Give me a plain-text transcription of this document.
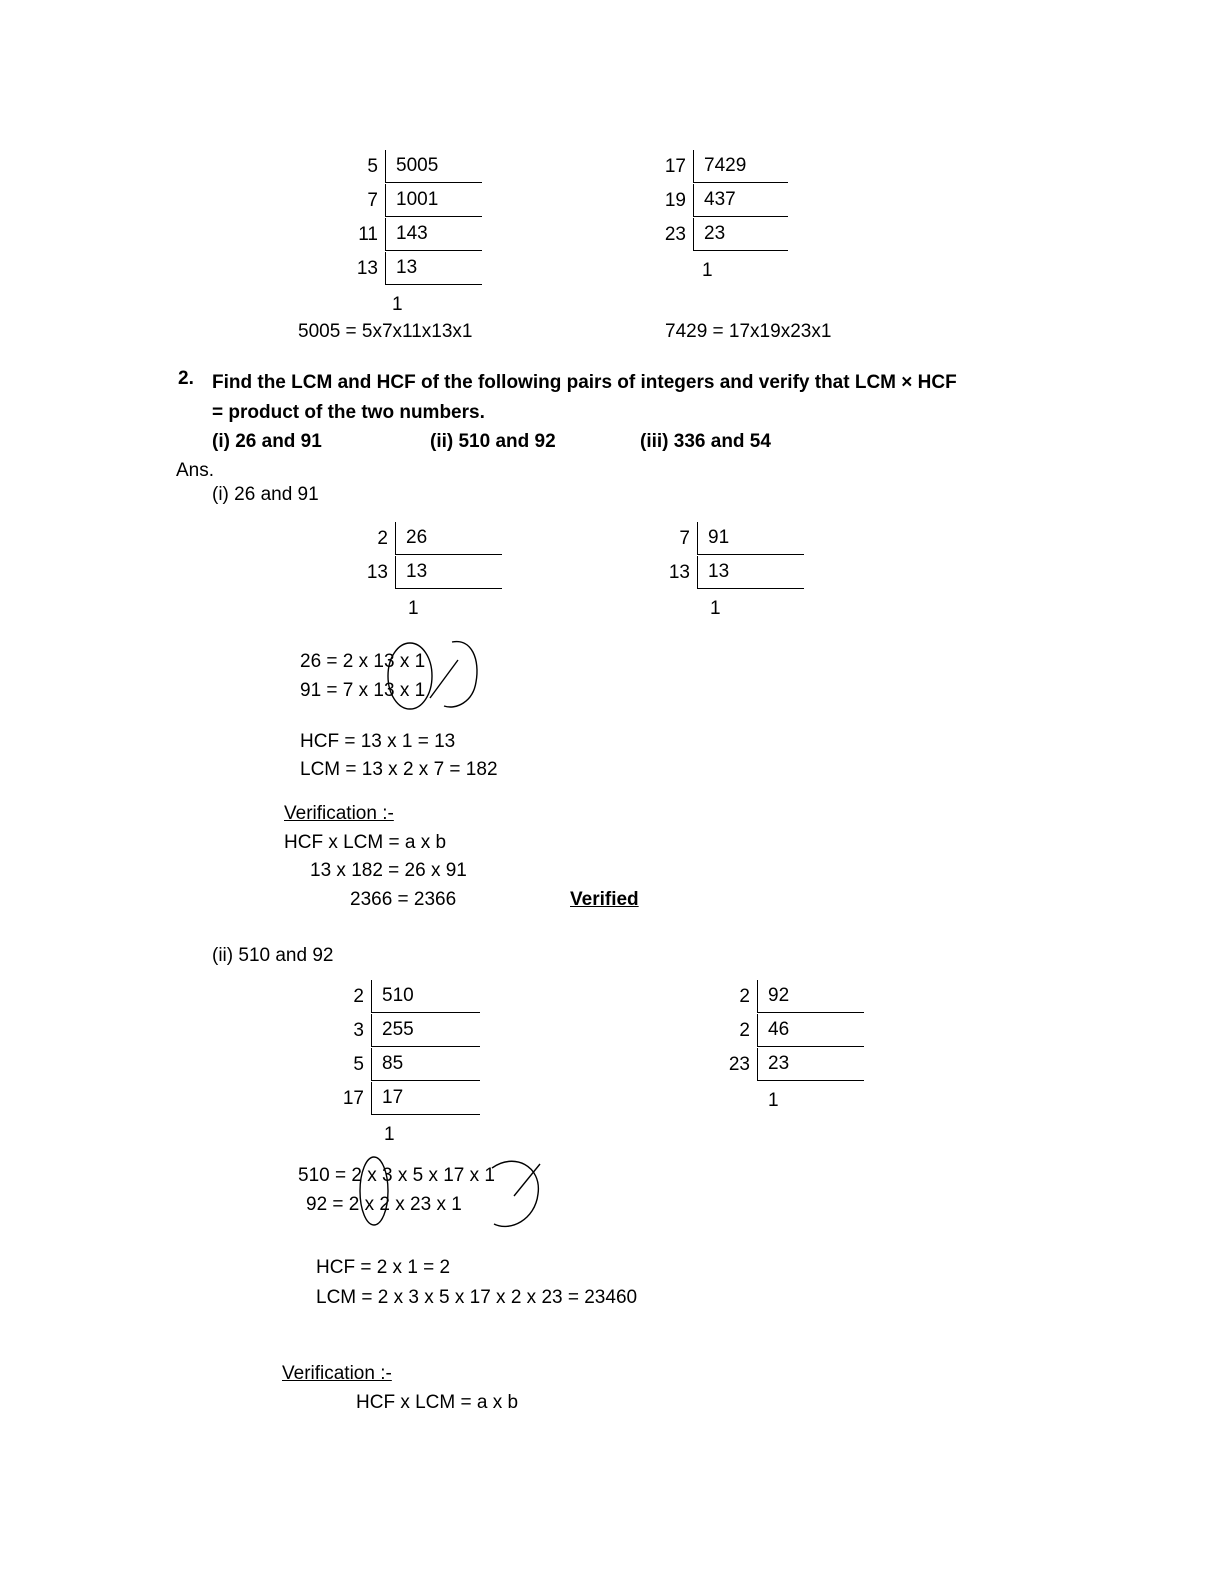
5 5005
7 1001
11 143
13 13
1
17 7429
19 437
23 23
1
5005 = 5x7x11x13x1	7429 = 17x19x23x1
2. Find the LCM and HCF of the following pairs of integers and verify that LCM × HCF
= product of the two numbers.
(i) 26 and 91	(ii) 510 and 92	(iii) 336 and 54
Ans.
(i) 26 and 91
2 26
13 13
1
7 91
13 13
1
26 = 2 x 13 x 1
91 = 7 x 13 x 1
HCF = 13 x 1 = 13
LCM = 13 x 2 x 7 = 182
Verification :-
HCF x LCM = a x b
13 x 182 = 26 x 91
2366 = 2366	Verified
(ii) 510 and 92
2 510
3 255
5 85
17 17
1
2 92
2 46
23 23
1
510 = 2 x 3 x 5 x 17 x 1
92 = 2 x 2 x 23 x 1
HCF = 2 x 1 = 2
LCM = 2 x 3 x 5 x 17 x 2 x 23 = 23460
Verification :-
HCF x LCM = a x b
